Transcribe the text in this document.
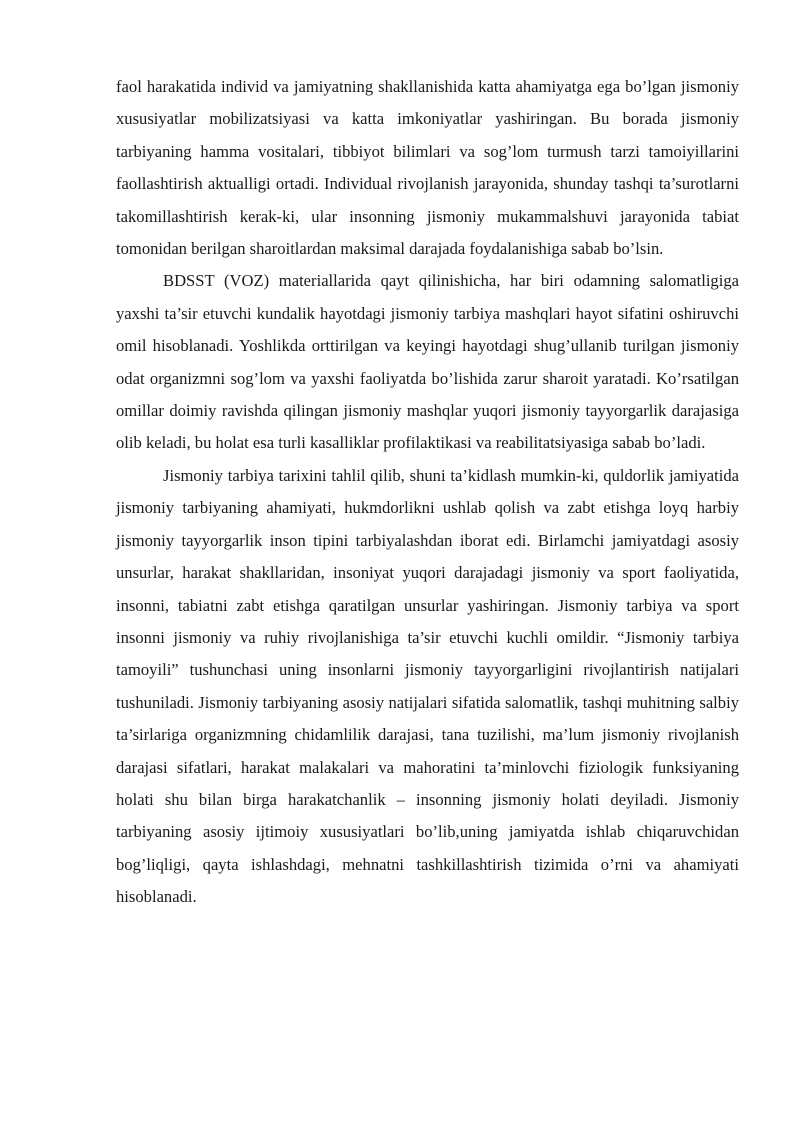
faol harakatida individ va jamiyatning shakllanishida katta ahamiyatga ega bo’lgan jismoniy xususiyatlar mobilizatsiyasi va katta imkoniyatlar yashiringan. Bu borada jismoniy tarbiyaning hamma vositalari, tibbiyot bilimlari va sog’lom turmush tarzi tamoiyillarini faollashtirish aktualligi ortadi. Individual rivojlanish jarayonida, shunday tashqi ta’surotlarni takomillashtirish kerak-ki, ular insonning jismoniy mukammalshuvi jarayonida tabiat tomonidan berilgan sharoitlardan maksimal darajada foydalanishiga sabab bo’lsin.

BDSST (VOZ) materiallarida qayt qilinishicha, har biri odamning salomatligiga yaxshi ta’sir etuvchi kundalik hayotdagi jismoniy tarbiya mashqlari hayot sifatini oshiruvchi omil hisoblanadi. Yoshlikda orttirilgan va keyingi hayotdagi shug’ullanib turilgan jismoniy odat organizmni sog’lom va yaxshi faoliyatda bo’lishida zarur sharoit yaratadi. Ko’rsatilgan omillar doimiy ravishda qilingan jismoniy mashqlar yuqori jismoniy tayyorgarlik darajasiga olib keladi, bu holat esa turli kasalliklar profilaktikasi va reabilitatsiyasiga sabab bo’ladi.

Jismoniy tarbiya tarixini tahlil qilib, shuni ta’kidlash mumkin-ki, quldorlik jamiyatida jismoniy tarbiyaning ahamiyati, hukmdorlikni ushlab qolish va zabt etishga loyq harbiy jismoniy tayyorgarlik inson tipini tarbiyalashdan iborat edi. Birlamchi jamiyatdagi asosiy unsurlar, harakat shakllaridan, insoniyat yuqori darajadagi jismoniy va sport faoliyatida, insonni, tabiatni zabt etishga qaratilgan unsurlar yashiringan. Jismoniy tarbiya va sport insonni jismoniy va ruhiy rivojlanishiga ta’sir etuvchi kuchli omildir. “Jismoniy tarbiya tamoyili” tushunchasi uning insonlarni jismoniy tayyorgarligini rivojlantirish natijalari tushuniladi. Jismoniy tarbiyaning asosiy natijalari sifatida salomatlik, tashqi muhitning salbiy ta’sirlariga organizmning chidamlilik darajasi, tana tuzilishi, ma’lum jismoniy rivojlanish darajasi sifatlari, harakat malakalari va mahoratini ta’minlovchi fiziologik funksiyaning holati shu bilan birga harakatchanlik – insonning jismoniy holati deyiladi. Jismoniy tarbiyaning asosiy ijtimoiy xususiyatlari bo’lib,uning jamiyatda ishlab chiqaruvchidan bog’liqligi, qayta ishlashdagi, mehnatni tashkillashtirish tizimida o’rni va ahamiyati hisoblanadi.
